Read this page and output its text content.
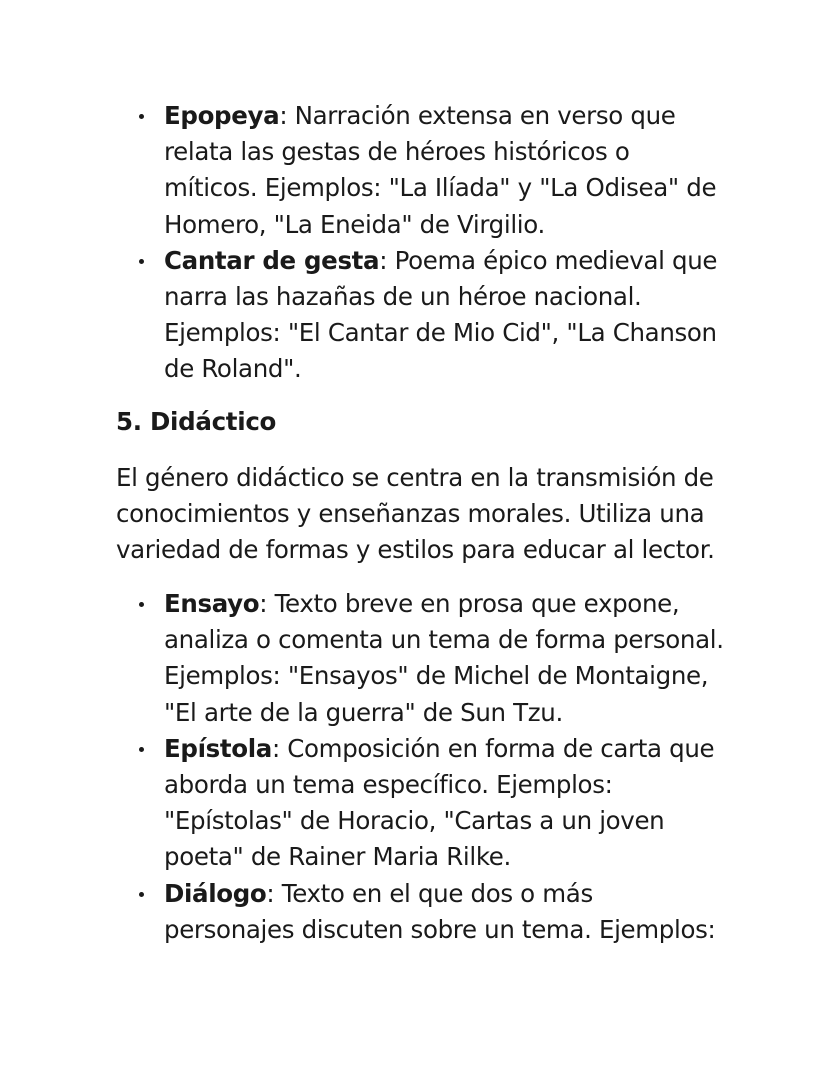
Epopeya: Narración extensa en verso que relata las gestas de héroes históricos o míticos. Ejemplos: "La Ilíada" y "La Odisea" de Homero, "La Eneida" de Virgilio.
Cantar de gesta: Poema épico medieval que narra las hazañas de un héroe nacional. Ejemplos: "El Cantar de Mio Cid", "La Chanson de Roland".
5. Didáctico

El género didáctico se centra en la transmisión de conocimientos y enseñanzas morales. Utiliza una variedad de formas y estilos para educar al lector.

Ensayo: Texto breve en prosa que expone, analiza o comenta un tema de forma personal. Ejemplos: "Ensayos" de Michel de Montaigne, "El arte de la guerra" de Sun Tzu.
Epístola: Composición en forma de carta que aborda un tema específico. Ejemplos: "Epístolas" de Horacio, "Cartas a un joven poeta" de Rainer Maria Rilke.
Diálogo: Texto en el que dos o más personajes discuten sobre un tema. Ejemplos:
